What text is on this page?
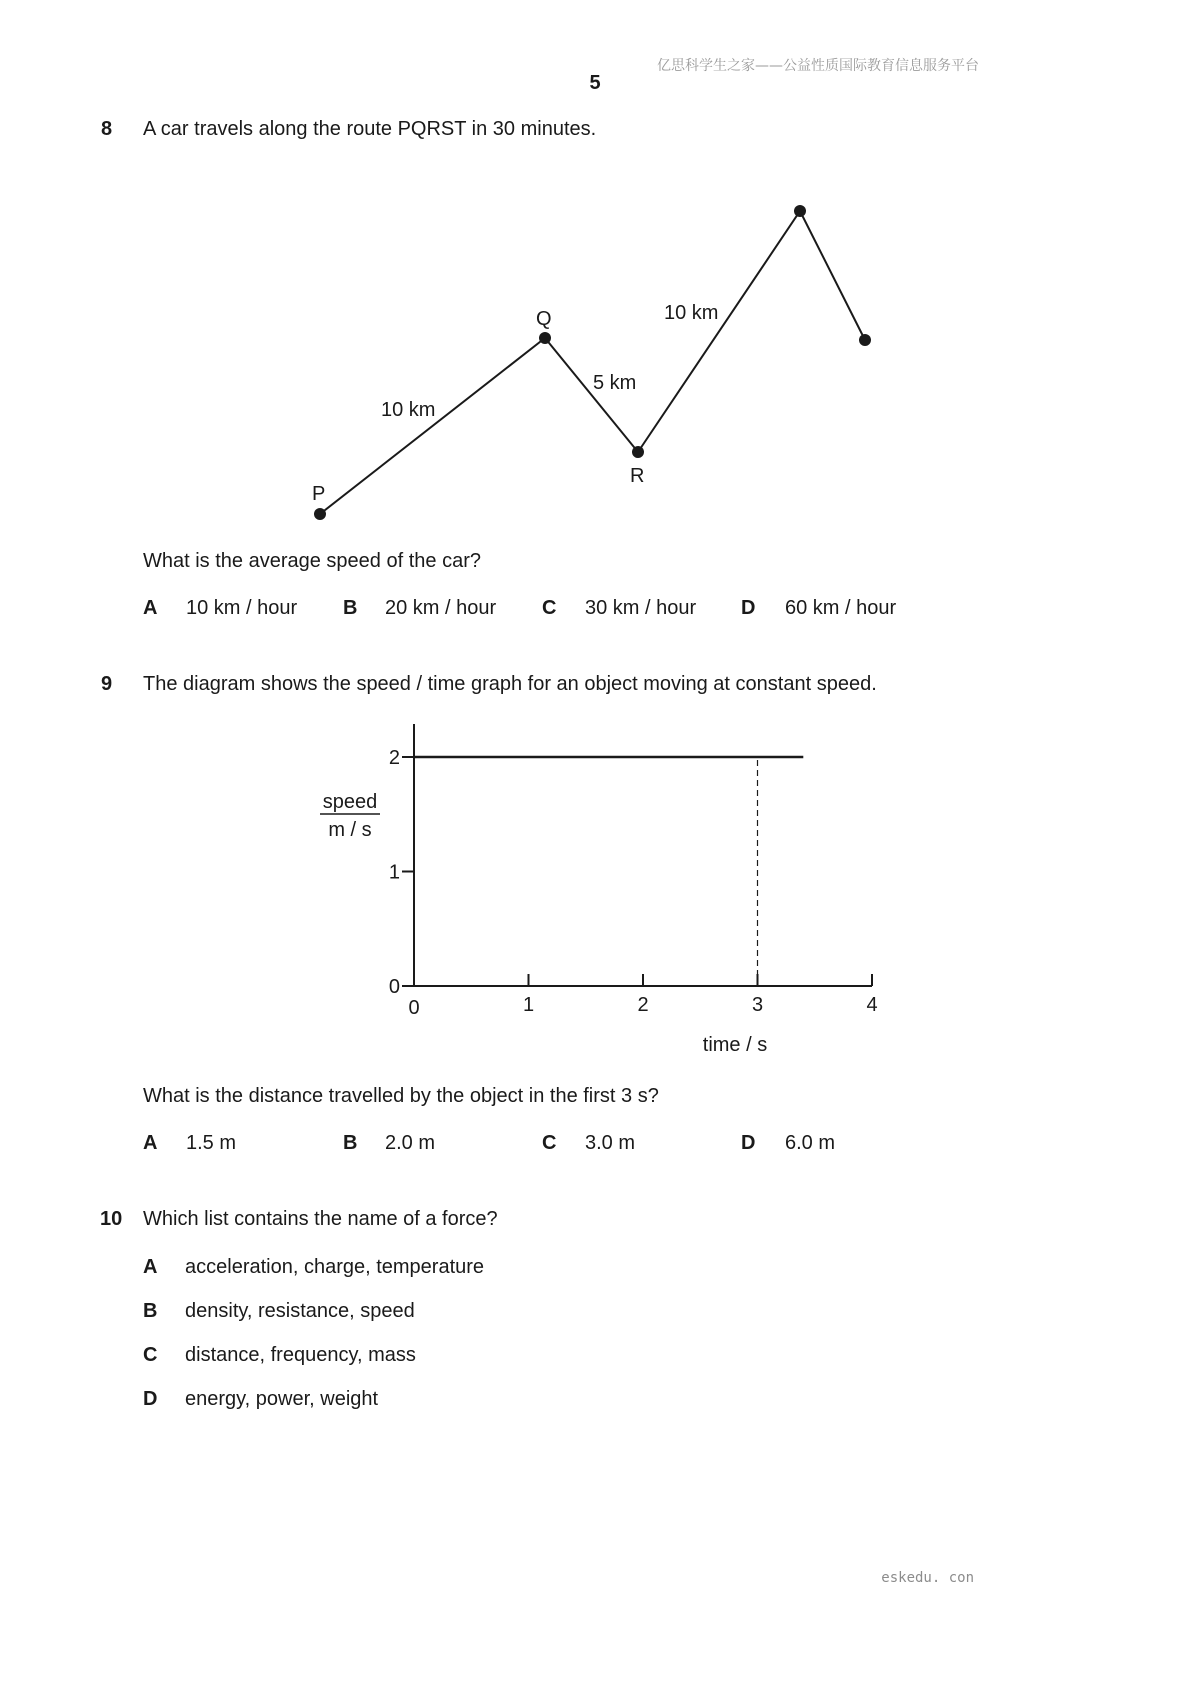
亿思科学生之家——公益性质国际教育信息服务平台
5
8 A car travels along the route PQRST in 30 minutes.
P
Q
R
10 km
5 km
10 km
What is the average speed of the car?
A 10 km / hour B 20 km / hour C 30 km / hour D 60 km / hour
9 The diagram shows the speed / time graph for an object moving at constant speed.
0	1	2	3	4
0
1
2
speed
m / s
time / s
What is the distance travelled by the object in the first 3 s?
A 1.5 m	B 2.0 m	C 3.0 m	D 6.0 m
10 Which list contains the name of a force?
A acceleration, charge, temperature
B density, resistance, speed
C distance, frequency, mass
D energy, power, weight
eskedu. con
